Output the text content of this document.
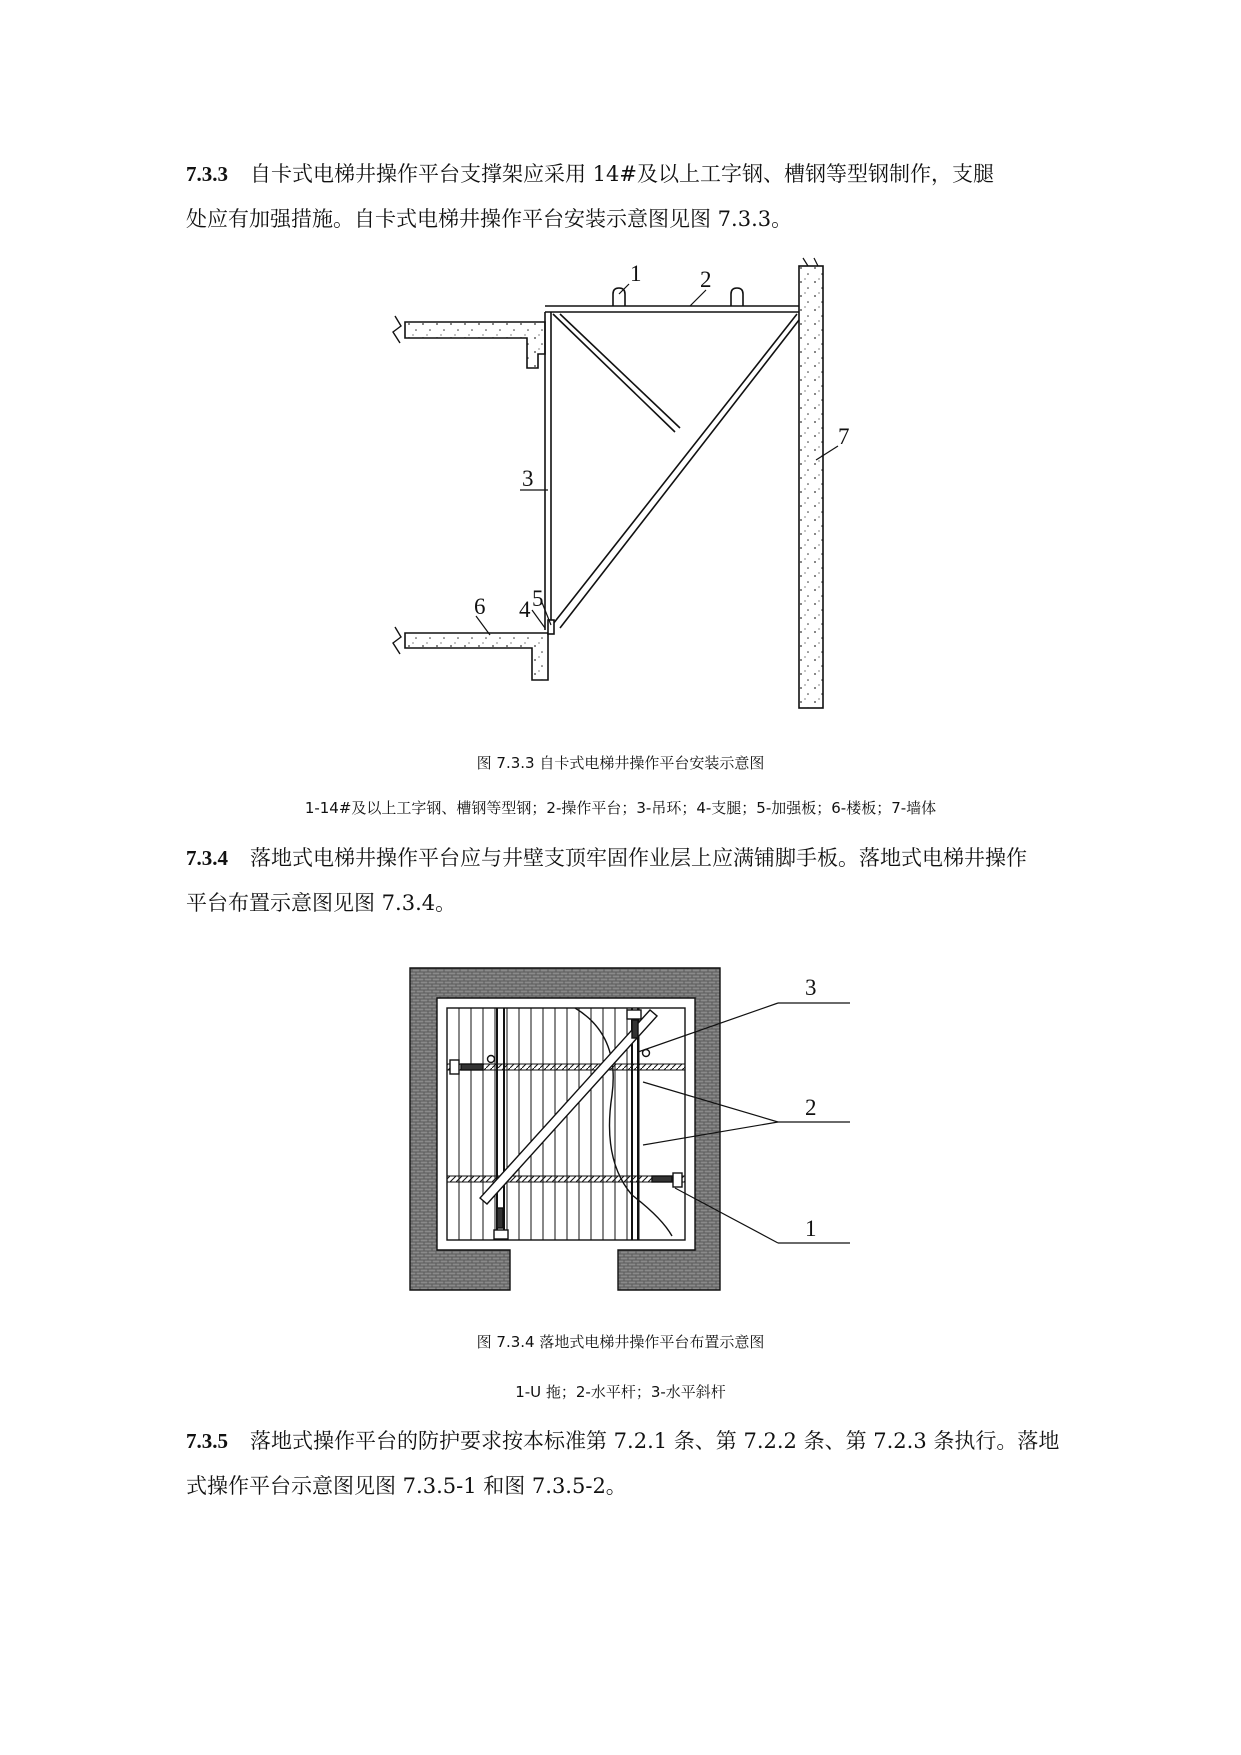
7.3.3 自卡式电梯井操作平台支撑架应采用 14#及以上工字钢、槽钢等型钢制作，支腿
处应有加强措施。自卡式电梯井操作平台安装示意图见图 7.3.3。
1	2
3
4 5
6
7

图 7.3.3 自卡式电梯井操作平台安装示意图

1-14#及以上工字钢、槽钢等型钢；2-操作平台；3-吊环；4-支腿；5-加强板；6-楼板；7-墙体

7.3.4 落地式电梯井操作平台应与井壁支顶牢固作业层上应满铺脚手板。落地式电梯井操作
平台布置示意图见图 7.3.4。
3
2
1

图 7.3.4 落地式电梯井操作平台布置示意图

1-U 拖；2-水平杆；3-水平斜杆

7.3.5 落地式操作平台的防护要求按本标准第 7.2.1 条、第 7.2.2 条、第 7.2.3 条执行。落地
式操作平台示意图见图 7.3.5-1 和图 7.3.5-2。
